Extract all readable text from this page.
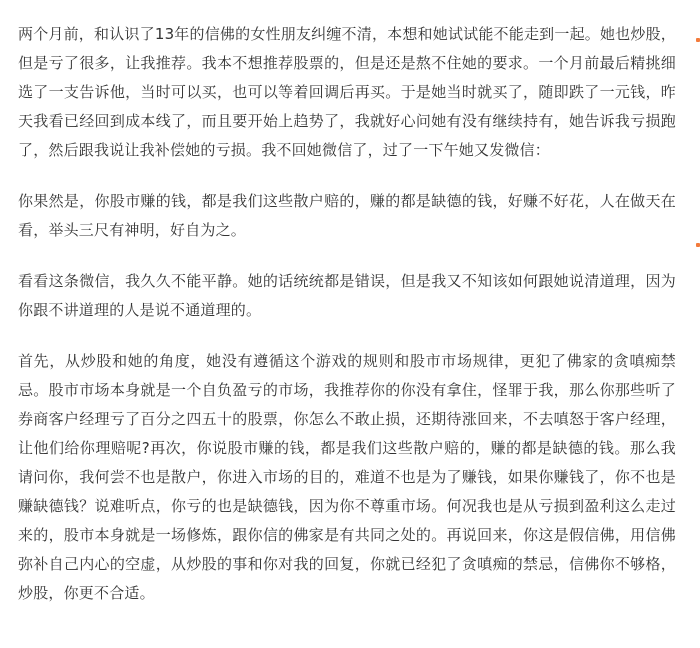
两个月前，和认识了13年的信佛的女性朋友纠缠不清，本想和她试试能不能走到一起。她也炒股，但是亏了很多，让我推荐。我本不想推荐股票的，但是还是熬不住她的要求。一个月前最后精挑细选了一支告诉他，当时可以买，也可以等着回调后再买。于是她当时就买了，随即跌了一元钱，昨天我看已经回到成本线了，而且要开始上趋势了，我就好心问她有没有继续持有，她告诉我亏损跑了，然后跟我说让我补偿她的亏损。我不回她微信了，过了一下午她又发微信：

你果然是，你股市赚的钱，都是我们这些散户赔的，赚的都是缺德的钱，好赚不好花，人在做天在看，举头三尺有神明，好自为之。

看看这条微信，我久久不能平静。她的话统统都是错误，但是我又不知该如何跟她说清道理，因为你跟不讲道理的人是说不通道理的。

首先，从炒股和她的角度，她没有遵循这个游戏的规则和股市市场规律，更犯了佛家的贪嗔痴禁忌。股市市场本身就是一个自负盈亏的市场，我推荐你的你没有拿住，怪罪于我，那么你那些听了券商客户经理亏了百分之四五十的股票，你怎么不敢止损，还期待涨回来，不去嗔怒于客户经理，让他们给你理赔呢?再次，你说股市赚的钱，都是我们这些散户赔的，赚的都是缺德的钱。那么我请问你，我何尝不也是散户，你进入市场的目的，难道不也是为了赚钱，如果你赚钱了，你不也是赚缺德钱？说难听点，你亏的也是缺德钱，因为你不尊重市场。何况我也是从亏损到盈利这么走过来的，股市本身就是一场修炼，跟你信的佛家是有共同之处的。再说回来，你这是假信佛，用信佛弥补自己内心的空虚，从炒股的事和你对我的回复，你就已经犯了贪嗔痴的禁忌，信佛你不够格，炒股，你更不合适。
